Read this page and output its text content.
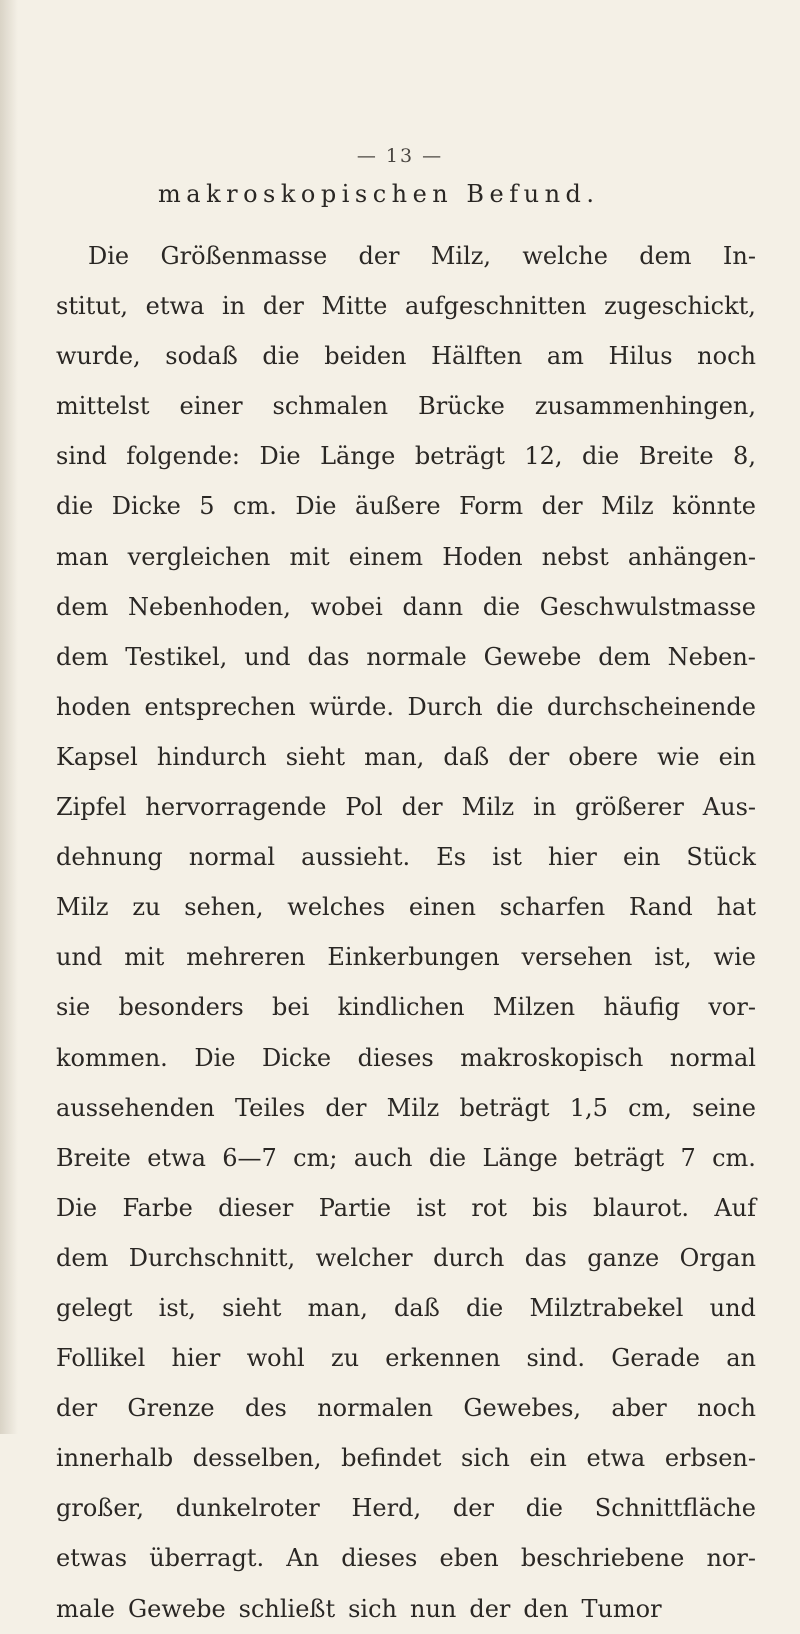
— 13 —
makroskopischen Befund.
Die Größenmasse der Milz, welche dem In-
stitut, etwa in der Mitte aufgeschnitten zugeschickt,
wurde, sodaß die beiden Hälften am Hilus noch
mittelst einer schmalen Brücke zusammenhingen,
sind folgende: Die Länge beträgt 12, die Breite 8,
die Dicke 5 cm. Die äußere Form der Milz könnte
man vergleichen mit einem Hoden nebst anhängen-
dem Nebenhoden, wobei dann die Geschwulstmasse
dem Testikel, und das normale Gewebe dem Neben-
hoden entsprechen würde. Durch die durchscheinende
Kapsel hindurch sieht man, daß der obere wie ein
Zipfel hervorragende Pol der Milz in größerer Aus-
dehnung normal aussieht. Es ist hier ein Stück
Milz zu sehen, welches einen scharfen Rand hat
und mit mehreren Einkerbungen versehen ist, wie
sie besonders bei kindlichen Milzen häufig vor-
kommen. Die Dicke dieses makroskopisch normal
aussehenden Teiles der Milz beträgt 1,5 cm, seine
Breite etwa 6—7 cm; auch die Länge beträgt 7 cm.
Die Farbe dieser Partie ist rot bis blaurot. Auf
dem Durchschnitt, welcher durch das ganze Organ
gelegt ist, sieht man, daß die Milztrabekel und
Follikel hier wohl zu erkennen sind. Gerade an
der Grenze des normalen Gewebes, aber noch
innerhalb desselben, befindet sich ein etwa erbsen-
großer, dunkelroter Herd, der die Schnittfläche
etwas überragt. An dieses eben beschriebene nor-
male Gewebe schließt sich nun der den Tumor
